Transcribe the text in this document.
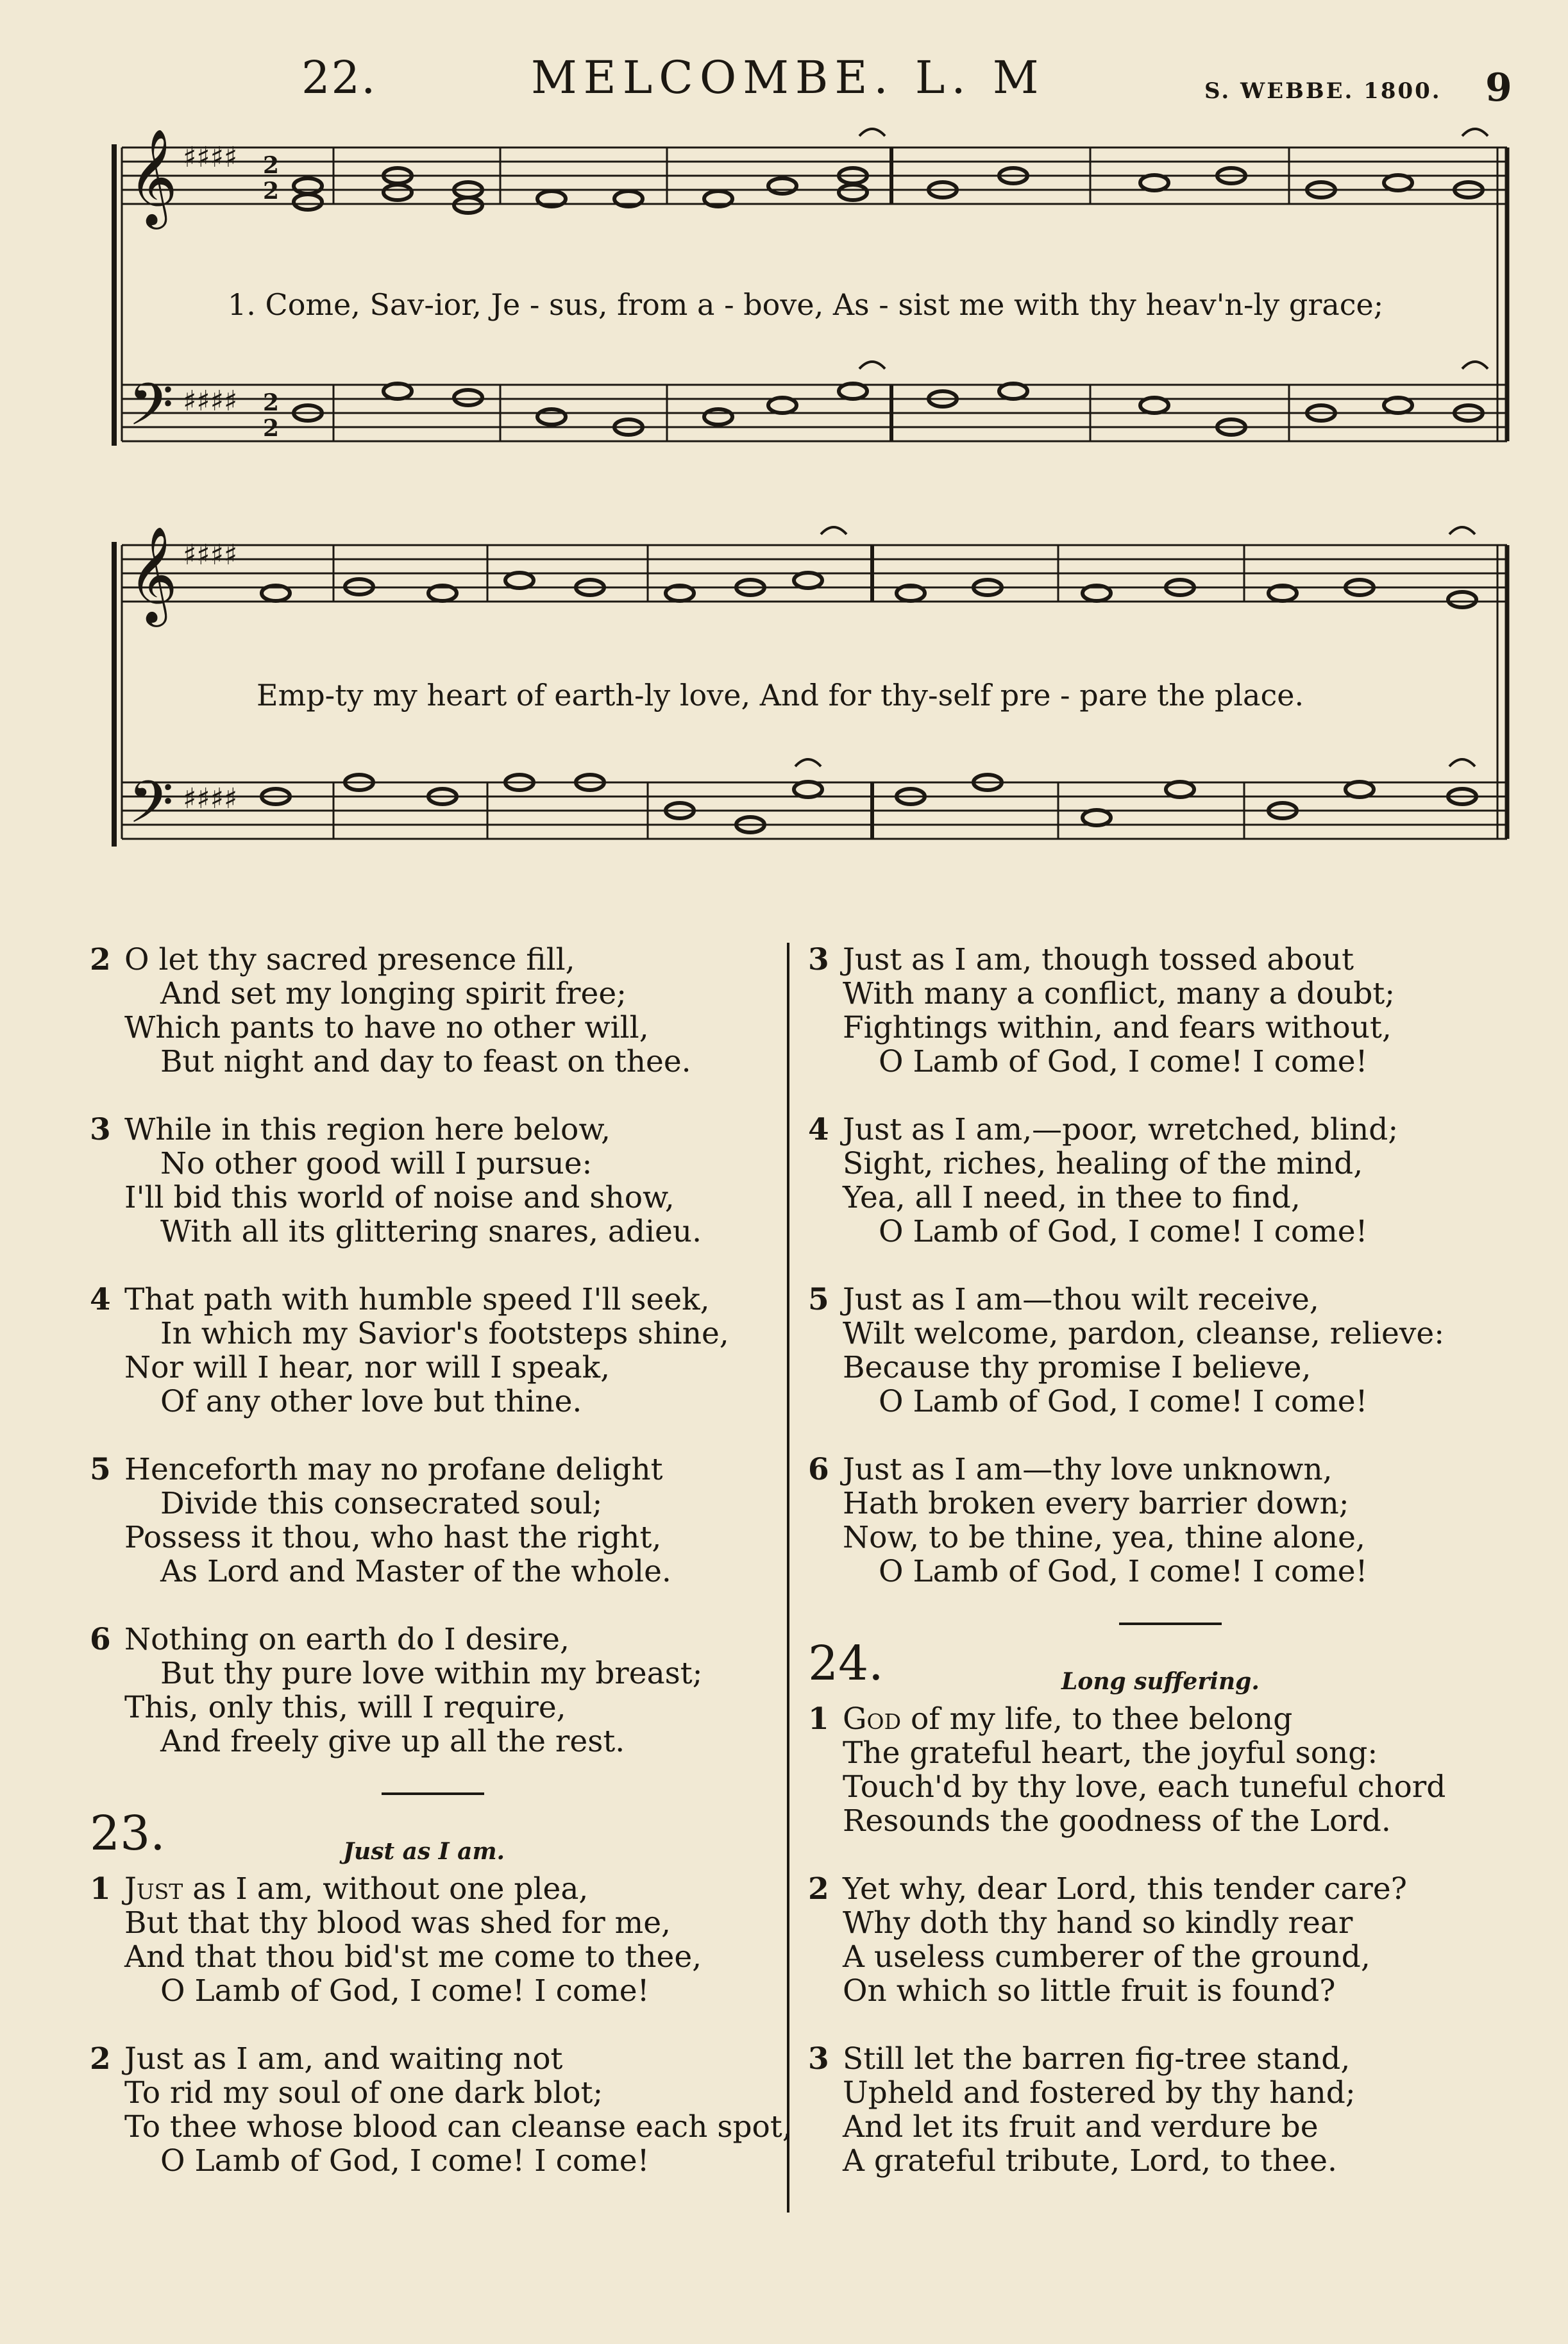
22.	MELCOMBE. L. M	S. WEBBE. 1800. 9
𝄞
𝄢
♯♯♯♯
♯♯♯♯
2
2
2
2
1. Come, Sav-ior, Je - sus, from a - bove, As - sist me with thy heav'n-ly grace;
𝄞
𝄢
♯♯♯♯
♯♯♯♯
Emp-ty my heart of earth-ly love, And for thy-self pre - pare the place.
2 O let thy sacred presence fill,
And set my longing spirit free;
Which pants to have no other will,
But night and day to feast on thee.
3 While in this region here below,
No other good will I pursue:
I'll bid this world of noise and show,
With all its glittering snares, adieu.
4 That path with humble speed I'll seek,
In which my Savior's footsteps shine,
Nor will I hear, nor will I speak,
Of any other love but thine.
5 Henceforth may no profane delight
Divide this consecrated soul;
Possess it thou, who hast the right,
As Lord and Master of the whole.
6 Nothing on earth do I desire,
But thy pure love within my breast;
This, only this, will I require,
And freely give up all the rest.
23.	Just as I am.
1 Just as I am, without one plea,
But that thy blood was shed for me,
And that thou bid'st me come to thee,
O Lamb of God, I come! I come!
2 Just as I am, and waiting not
To rid my soul of one dark blot;
To thee whose blood can cleanse each spot,
O Lamb of God, I come! I come!
3 Just as I am, though tossed about
With many a conflict, many a doubt;
Fightings within, and fears without,
O Lamb of God, I come! I come!
4 Just as I am,—poor, wretched, blind;
Sight, riches, healing of the mind,
Yea, all I need, in thee to find,
O Lamb of God, I come! I come!
5 Just as I am—thou wilt receive,
Wilt welcome, pardon, cleanse, relieve:
Because thy promise I believe,
O Lamb of God, I come! I come!
6 Just as I am—thy love unknown,
Hath broken every barrier down;
Now, to be thine, yea, thine alone,
O Lamb of God, I come! I come!
24.	Long suffering.
1 God of my life, to thee belong
The grateful heart, the joyful song:
Touch'd by thy love, each tuneful chord
Resounds the goodness of the Lord.
2 Yet why, dear Lord, this tender care?
Why doth thy hand so kindly rear
A useless cumberer of the ground,
On which so little fruit is found?
3 Still let the barren fig-tree stand,
Upheld and fostered by thy hand;
And let its fruit and verdure be
A grateful tribute, Lord, to thee.
